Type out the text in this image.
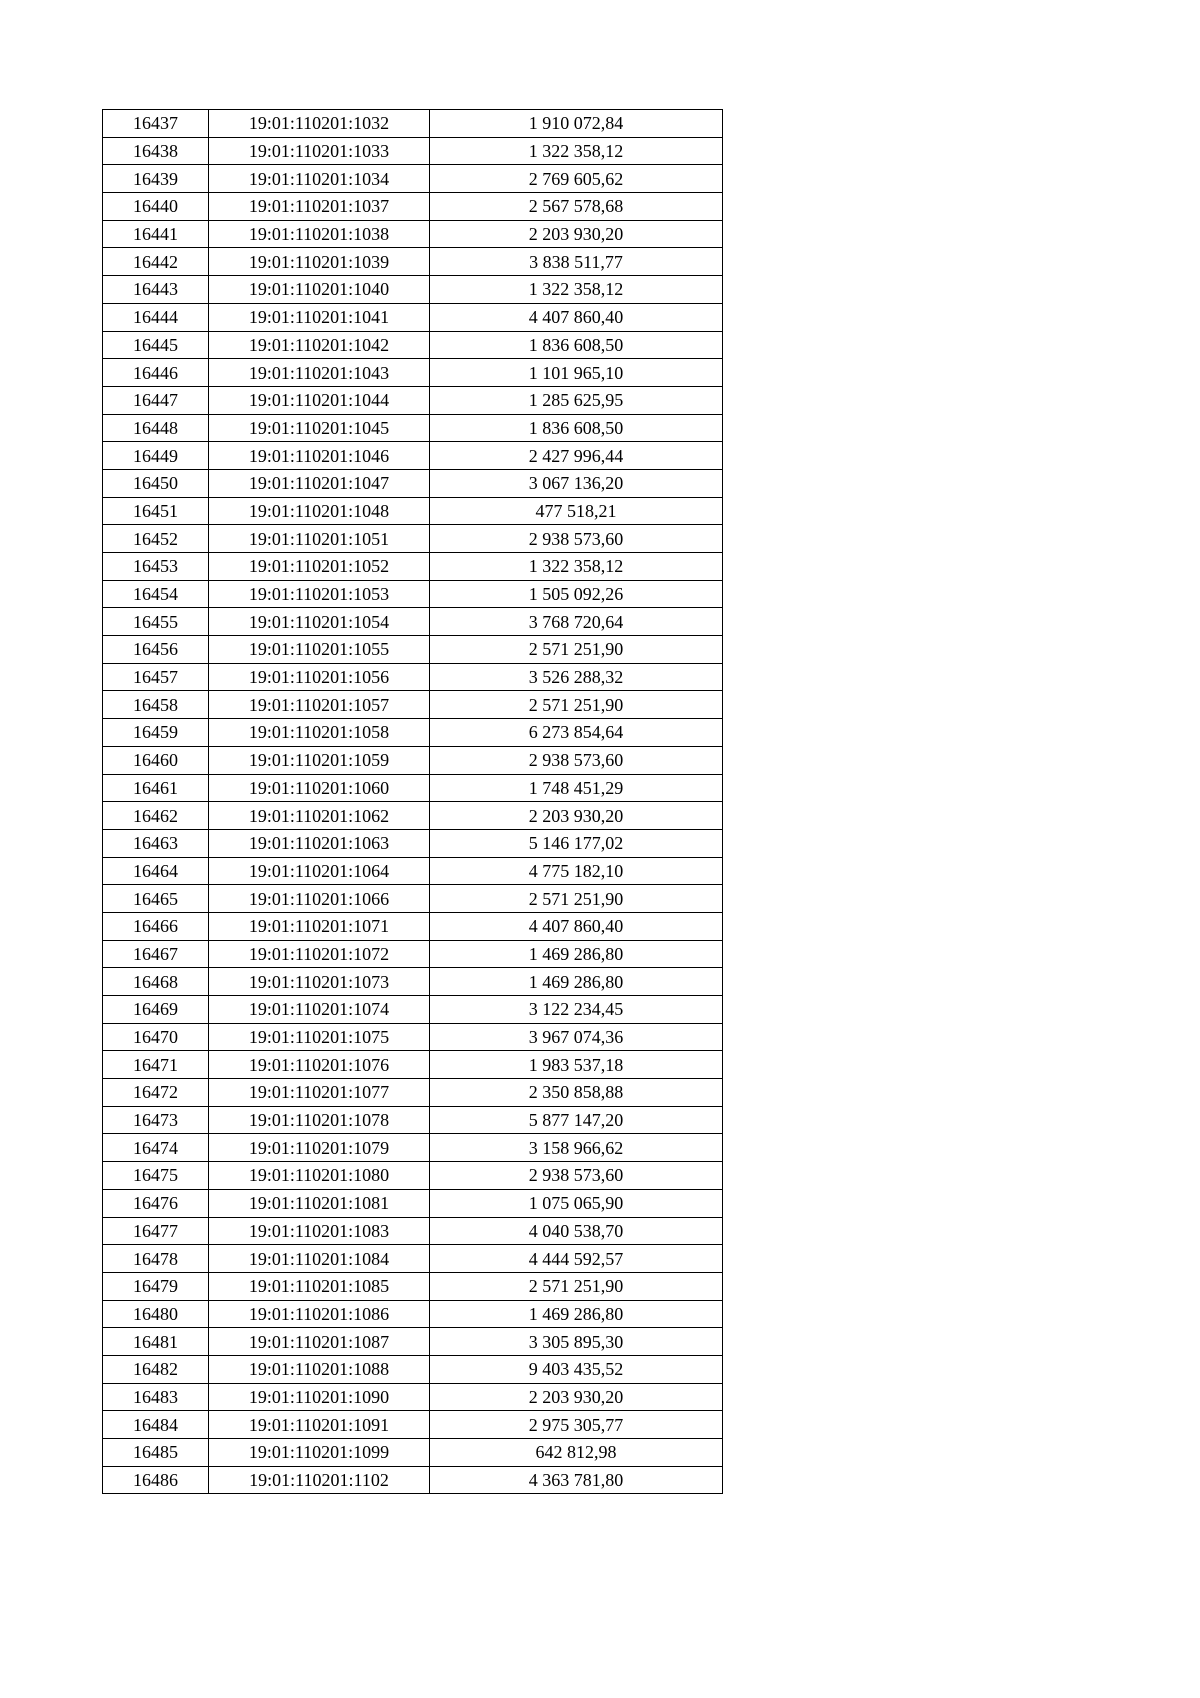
16437	19:01:110201:1032	1 910 072,84
16438	19:01:110201:1033	1 322 358,12
16439	19:01:110201:1034	2 769 605,62
16440	19:01:110201:1037	2 567 578,68
16441	19:01:110201:1038	2 203 930,20
16442	19:01:110201:1039	3 838 511,77
16443	19:01:110201:1040	1 322 358,12
16444	19:01:110201:1041	4 407 860,40
16445	19:01:110201:1042	1 836 608,50
16446	19:01:110201:1043	1 101 965,10
16447	19:01:110201:1044	1 285 625,95
16448	19:01:110201:1045	1 836 608,50
16449	19:01:110201:1046	2 427 996,44
16450	19:01:110201:1047	3 067 136,20
16451	19:01:110201:1048	477 518,21
16452	19:01:110201:1051	2 938 573,60
16453	19:01:110201:1052	1 322 358,12
16454	19:01:110201:1053	1 505 092,26
16455	19:01:110201:1054	3 768 720,64
16456	19:01:110201:1055	2 571 251,90
16457	19:01:110201:1056	3 526 288,32
16458	19:01:110201:1057	2 571 251,90
16459	19:01:110201:1058	6 273 854,64
16460	19:01:110201:1059	2 938 573,60
16461	19:01:110201:1060	1 748 451,29
16462	19:01:110201:1062	2 203 930,20
16463	19:01:110201:1063	5 146 177,02
16464	19:01:110201:1064	4 775 182,10
16465	19:01:110201:1066	2 571 251,90
16466	19:01:110201:1071	4 407 860,40
16467	19:01:110201:1072	1 469 286,80
16468	19:01:110201:1073	1 469 286,80
16469	19:01:110201:1074	3 122 234,45
16470	19:01:110201:1075	3 967 074,36
16471	19:01:110201:1076	1 983 537,18
16472	19:01:110201:1077	2 350 858,88
16473	19:01:110201:1078	5 877 147,20
16474	19:01:110201:1079	3 158 966,62
16475	19:01:110201:1080	2 938 573,60
16476	19:01:110201:1081	1 075 065,90
16477	19:01:110201:1083	4 040 538,70
16478	19:01:110201:1084	4 444 592,57
16479	19:01:110201:1085	2 571 251,90
16480	19:01:110201:1086	1 469 286,80
16481	19:01:110201:1087	3 305 895,30
16482	19:01:110201:1088	9 403 435,52
16483	19:01:110201:1090	2 203 930,20
16484	19:01:110201:1091	2 975 305,77
16485	19:01:110201:1099	642 812,98
16486	19:01:110201:1102	4 363 781,80
